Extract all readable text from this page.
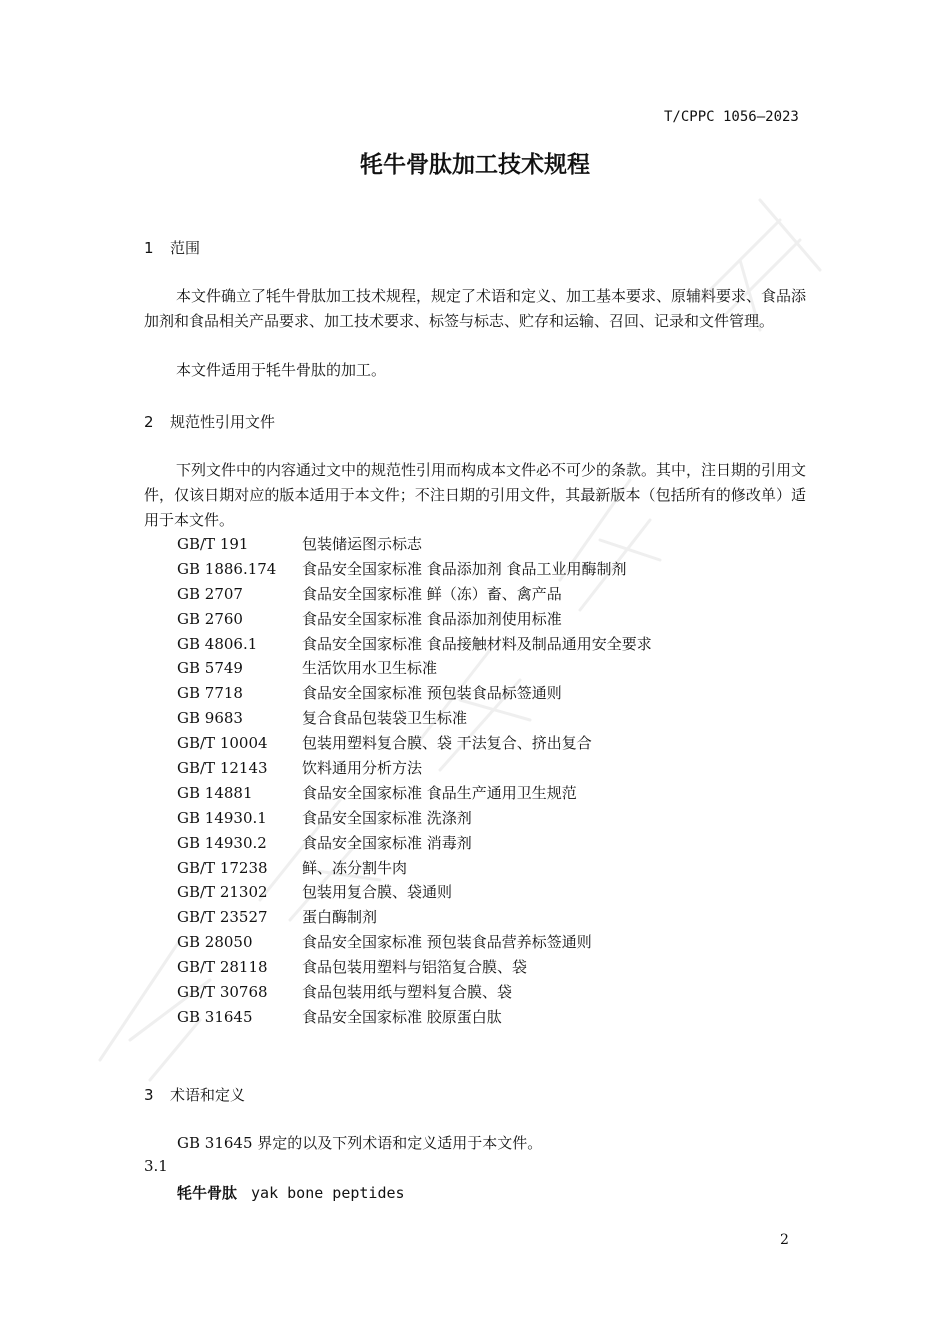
T/CPPC 1056—2023
牦牛骨肽加工技术规程
1 范围
本文件确立了牦牛骨肽加工技术规程，规定了术语和定义、加工基本要求、原辅料要求、食品添加剂和食品相关产品要求、加工技术要求、标签与标志、贮存和运输、召回、记录和文件管理。
本文件适用于牦牛骨肽的加工。
2 规范性引用文件
下列文件中的内容通过文中的规范性引用而构成本文件必不可少的条款。其中，注日期的引用文件，仅该日期对应的版本适用于本文件；不注日期的引用文件，其最新版本（包括所有的修改单）适用于本文件。
GB/T 191	包装储运图示标志
GB 1886.174 食品安全国家标准 食品添加剂 食品工业用酶制剂
GB 2707	食品安全国家标准 鲜（冻）畜、禽产品
GB 2760	食品安全国家标准 食品添加剂使用标准
GB 4806.1	食品安全国家标准 食品接触材料及制品通用安全要求
GB 5749	生活饮用水卫生标准
GB 7718	食品安全国家标准 预包装食品标签通则
GB 9683	复合食品包装袋卫生标准
GB/T 10004 包装用塑料复合膜、袋 干法复合、挤出复合
GB/T 12143 饮料通用分析方法
GB 14881	食品安全国家标准 食品生产通用卫生规范
GB 14930.1 食品安全国家标准 洗涤剂
GB 14930.2 食品安全国家标准 消毒剂
GB/T 17238 鲜、冻分割牛肉
GB/T 21302 包装用复合膜、袋通则
GB/T 23527 蛋白酶制剂
GB 28050	食品安全国家标准 预包装食品营养标签通则
GB/T 28118 食品包装用塑料与铝箔复合膜、袋
GB/T 30768 食品包装用纸与塑料复合膜、袋
GB 31645	食品安全国家标准 胶原蛋白肽
3 术语和定义
GB 31645 界定的以及下列术语和定义适用于本文件。
3.1
牦牛骨肽 yak bone peptides
2
